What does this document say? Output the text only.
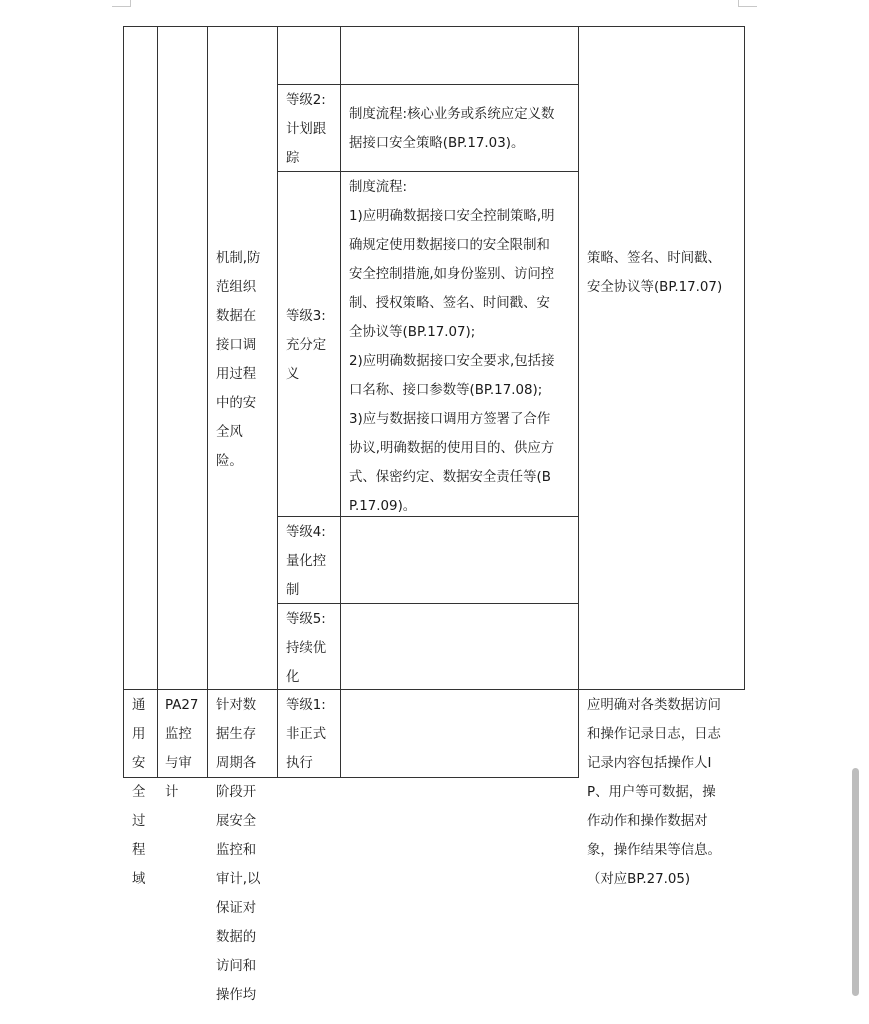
机制,防
范组织
数据在
接口调
用过程
中的安
全风
险。
等级2:
计划跟
踪
制度流程:核心业务或系统应定义数
据接口安全策略(BP.17.03)。
等级3:
充分定
义
制度流程:
1)应明确数据接口安全控制策略,明
确规定使用数据接口的安全限制和
安全控制措施,如身份鉴别、访问控
制、授权策略、签名、时间戳、安
全协议等(BP.17.07);
2)应明确数据接口安全要求,包括接
口名称、接口参数等(BP.17.08);
3)应与数据接口调用方签署了合作
协议,明确数据的使用目的、供应方
式、保密约定、数据安全责任等(B
P.17.09)。
等级4:
量化控
制
等级5:
持续优
化
策略、签名、时间戳、
安全协议等(BP.17.07)
通
用
安
全
过
程
域
PA27
监控
与审
计
针对数
据生存
周期各
阶段开
展安全
监控和
审计,以
保证对
数据的
访问和
操作均
等级1:
非正式
执行
应明确对各类数据访问
和操作记录日志，日志
记录内容包括操作人I
P、用户等可数据，操
作动作和操作数据对
象，操作结果等信息。
（对应BP.27.05)
